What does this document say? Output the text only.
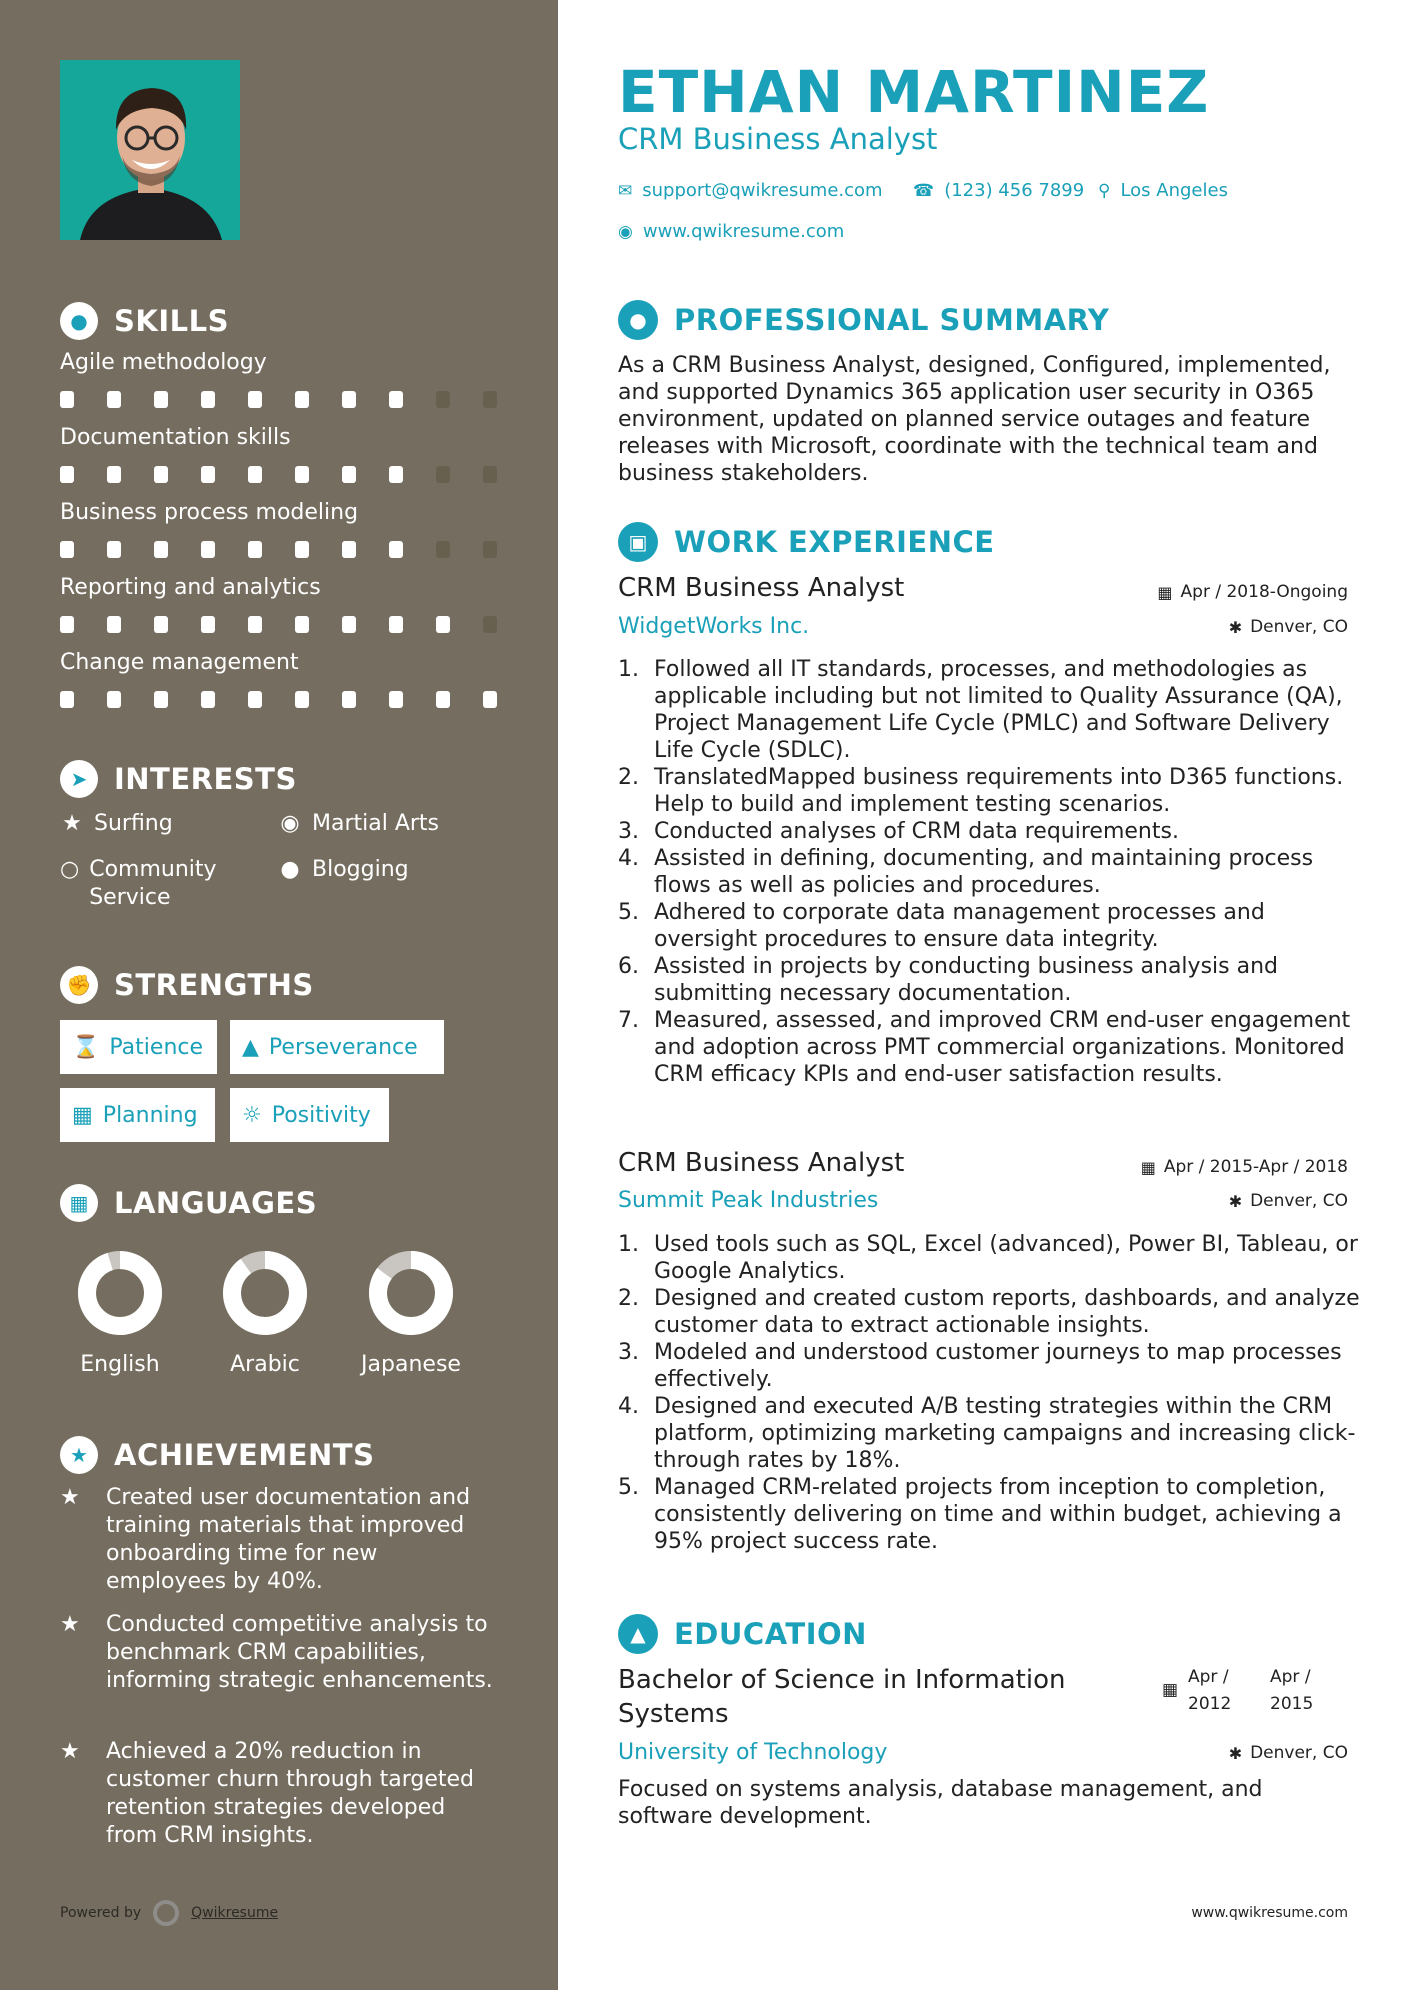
● SKILLS
➤ INTERESTS
★ Surfing	◉ Martial Arts
○ Community Service
● Blogging
✊ STRENGTHS
⌛ Patience ▲ Perseverance
▦ Planning ☼ Positivity
▦ LANGUAGES
★ ACHIEVEMENTS
★	Created user documentation and training materials that improved onboarding time for new employees by 40%.
★	Conducted competitive analysis to benchmark CRM capabilities, informing strategic enhancements.
★	Achieved a 20% reduction in customer churn through targeted retention strategies developed from CRM insights.
Powered by	Qwikresume
Agile methodology
Documentation skills
Business process modeling
Reporting and analytics
Change management
English	Arabic	Japanese
ETHAN MARTINEZ
CRM Business Analyst
✉ support@qwikresume.com ☎ (123) 456 7899 ⚲ Los Angeles
◉ www.qwikresume.com
● PROFESSIONAL SUMMARY
As a CRM Business Analyst, designed, Configured, implemented, and supported Dynamics 365 application user security in O365 environment, updated on planned service outages and feature releases with Microsoft, coordinate with the technical team and business stakeholders.
▣ WORK EXPERIENCE
CRM Business Analyst	▦ Apr / 2018-Ongoing
WidgetWorks Inc.	✱ Denver, CO
Followed all IT standards, processes, and methodologies as applicable including but not limited to Quality Assurance (QA), Project Management Life Cycle (PMLC) and Software Delivery Life Cycle (SDLC).
TranslatedMapped business requirements into D365 functions. Help to build and implement testing scenarios.
Conducted analyses of CRM data requirements.
Assisted in defining, documenting, and maintaining process flows as well as policies and procedures.
Adhered to corporate data management processes and oversight procedures to ensure data integrity.
Assisted in projects by conducting business analysis and submitting necessary documentation.
Measured, assessed, and improved CRM end-user engagement and adoption across PMT commercial organizations. Monitored CRM efficacy KPIs and end-user satisfaction results.
CRM Business Analyst	▦ Apr / 2015-Apr / 2018
Summit Peak Industries	✱ Denver, CO
Used tools such as SQL, Excel (advanced), Power BI, Tableau, or Google Analytics.
Designed and created custom reports, dashboards, and analyze customer data to extract actionable insights.
Modeled and understood customer journeys to map processes effectively.
Designed and executed A/B testing strategies within the CRM platform, optimizing marketing campaigns and increasing click-through rates by 18%.
Managed CRM-related projects from inception to completion, consistently delivering on time and within budget, achieving a 95% project success rate.
▲ EDUCATION
Bachelor of Science in Information Systems
▦
Apr / 2012
Apr / 2015
University of Technology	✱ Denver, CO
Focused on systems analysis, database management, and software development.
www.qwikresume.com
